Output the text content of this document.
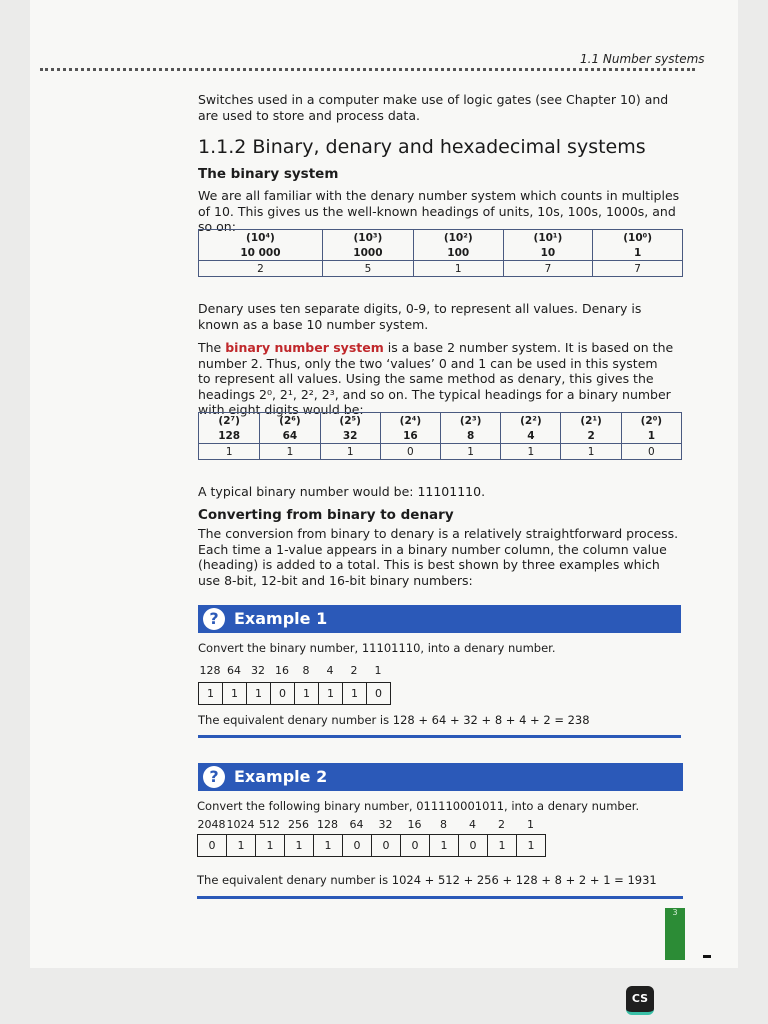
1.1 Number systems
Switches used in a computer make use of logic gates (see Chapter 10) and are used to store and process data.
1.1.2 Binary, denary and hexadecimal systems
The binary system
We are all familiar with the denary number system which counts in multiples of 10. This gives us the well-known headings of units, 10s, 100s, 1000s, and so on:
(10⁴)	(10³)	(10²)	(10¹)	(10⁰)
10 000	1000	100	10	1
2	5	1	7	7
Denary uses ten separate digits, 0-9, to represent all values. Denary is known as a base 10 number system.
The binary number system is a base 2 number system. It is based on the number 2. Thus, only the two ‘values’ 0 and 1 can be used in this system to represent all values. Using the same method as denary, this gives the headings 2⁰, 2¹, 2², 2³, and so on. The typical headings for a binary number with eight digits would be:
(2⁷)	(2⁶)	(2⁵)	(2⁴)	(2³)	(2²)	(2¹)	(2⁰)
128	64	32	16	8	4	2	1
1	1	1	0	1	1	1	0
A typical binary number would be: 11101110.
Converting from binary to denary
The conversion from binary to denary is a relatively straightforward process. Each time a 1-value appears in a binary number column, the column value (heading) is added to a total. This is best shown by three examples which use 8-bit, 12-bit and 16-bit binary numbers:
? Example 1
Convert the binary number, 11101110, into a denary number.
128 64 32 16	8	4	2	1
1	1	1	0	1	1	1	0
The equivalent denary number is 128 + 64 + 32 + 8 + 4 + 2 = 238
? Example 2
Convert the following binary number, 011110001011, into a denary number.
2048 1024 512 256 128	64	32	16	8	4	2	1
0	1	1	1	1	0	0	0	1	0	1	1
The equivalent denary number is 1024 + 512 + 256 + 128 + 8 + 2 + 1 = 1931
3
CS
